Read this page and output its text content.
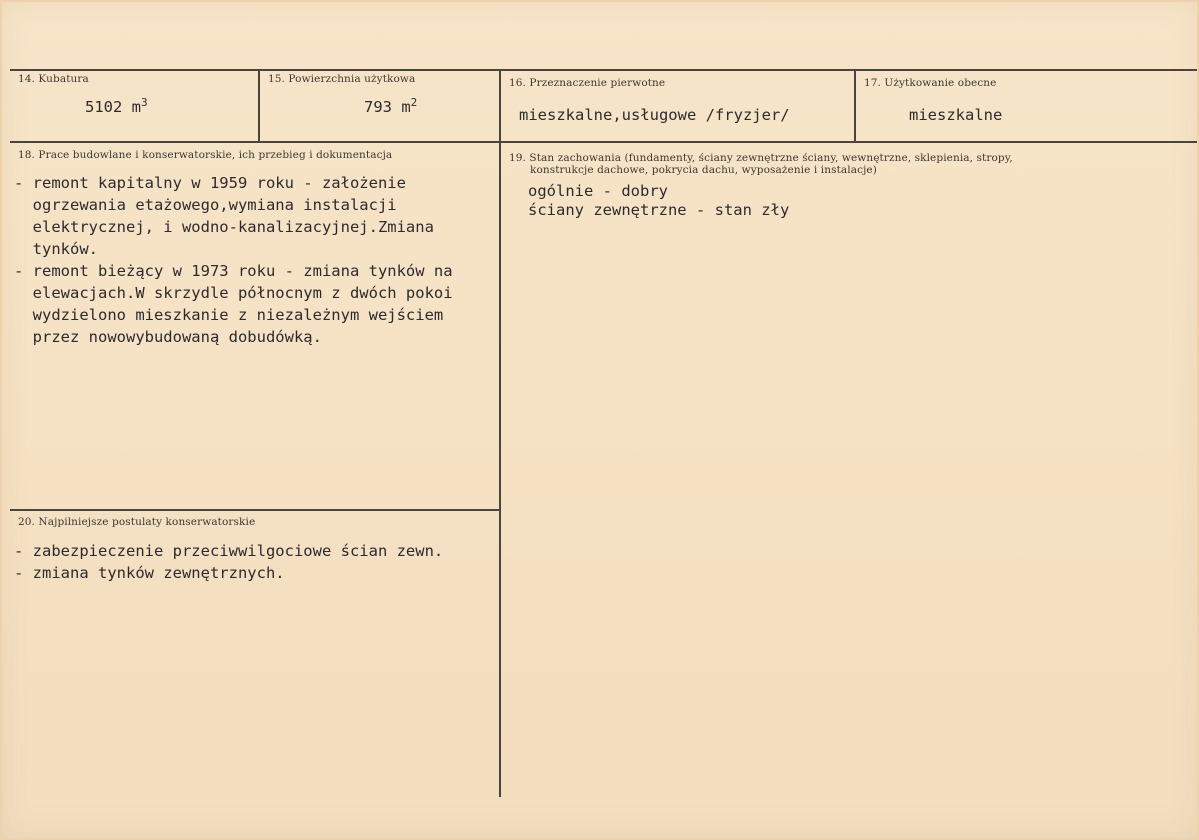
14. Kubatura
5102 $m^3$
15. Powierzchnia użytkowa
793 $m^2$
16. Przeznaczenie pierwotne
mieszkalne,usługowe /fryzjer/
17. Użytkowanie obecne
mieszkalne
18. Prace budowlane i konserwatorskie, ich przebieg i dokumentacja
- remont kapitalny w 1959 roku - założenie
ogrzewania etażowego,wymiana instalacji
elektrycznej, i wodno-kanalizacyjnej.Zmiana
tynków.
- remont bieżący w 1973 roku - zmiana tynków na
elewacjach.W skrzydle północnym z dwóch pokoi
wydzielono mieszkanie z niezależnym wejściem
przez nowowybudowaną dobudówką.
19. Stan zachowania (fundamenty, ściany zewnętrzne ściany, wewnętrzne, sklepienia, stropy,
konstrukcje dachowe, pokrycia dachu, wyposażenie i instalacje)
ogólnie - dobry
ściany zewnętrzne - stan zły
20. Najpilniejsze postulaty konserwatorskie
- zabezpieczenie przeciwwilgociowe ścian zewn.
- zmiana tynków zewnętrznych.
